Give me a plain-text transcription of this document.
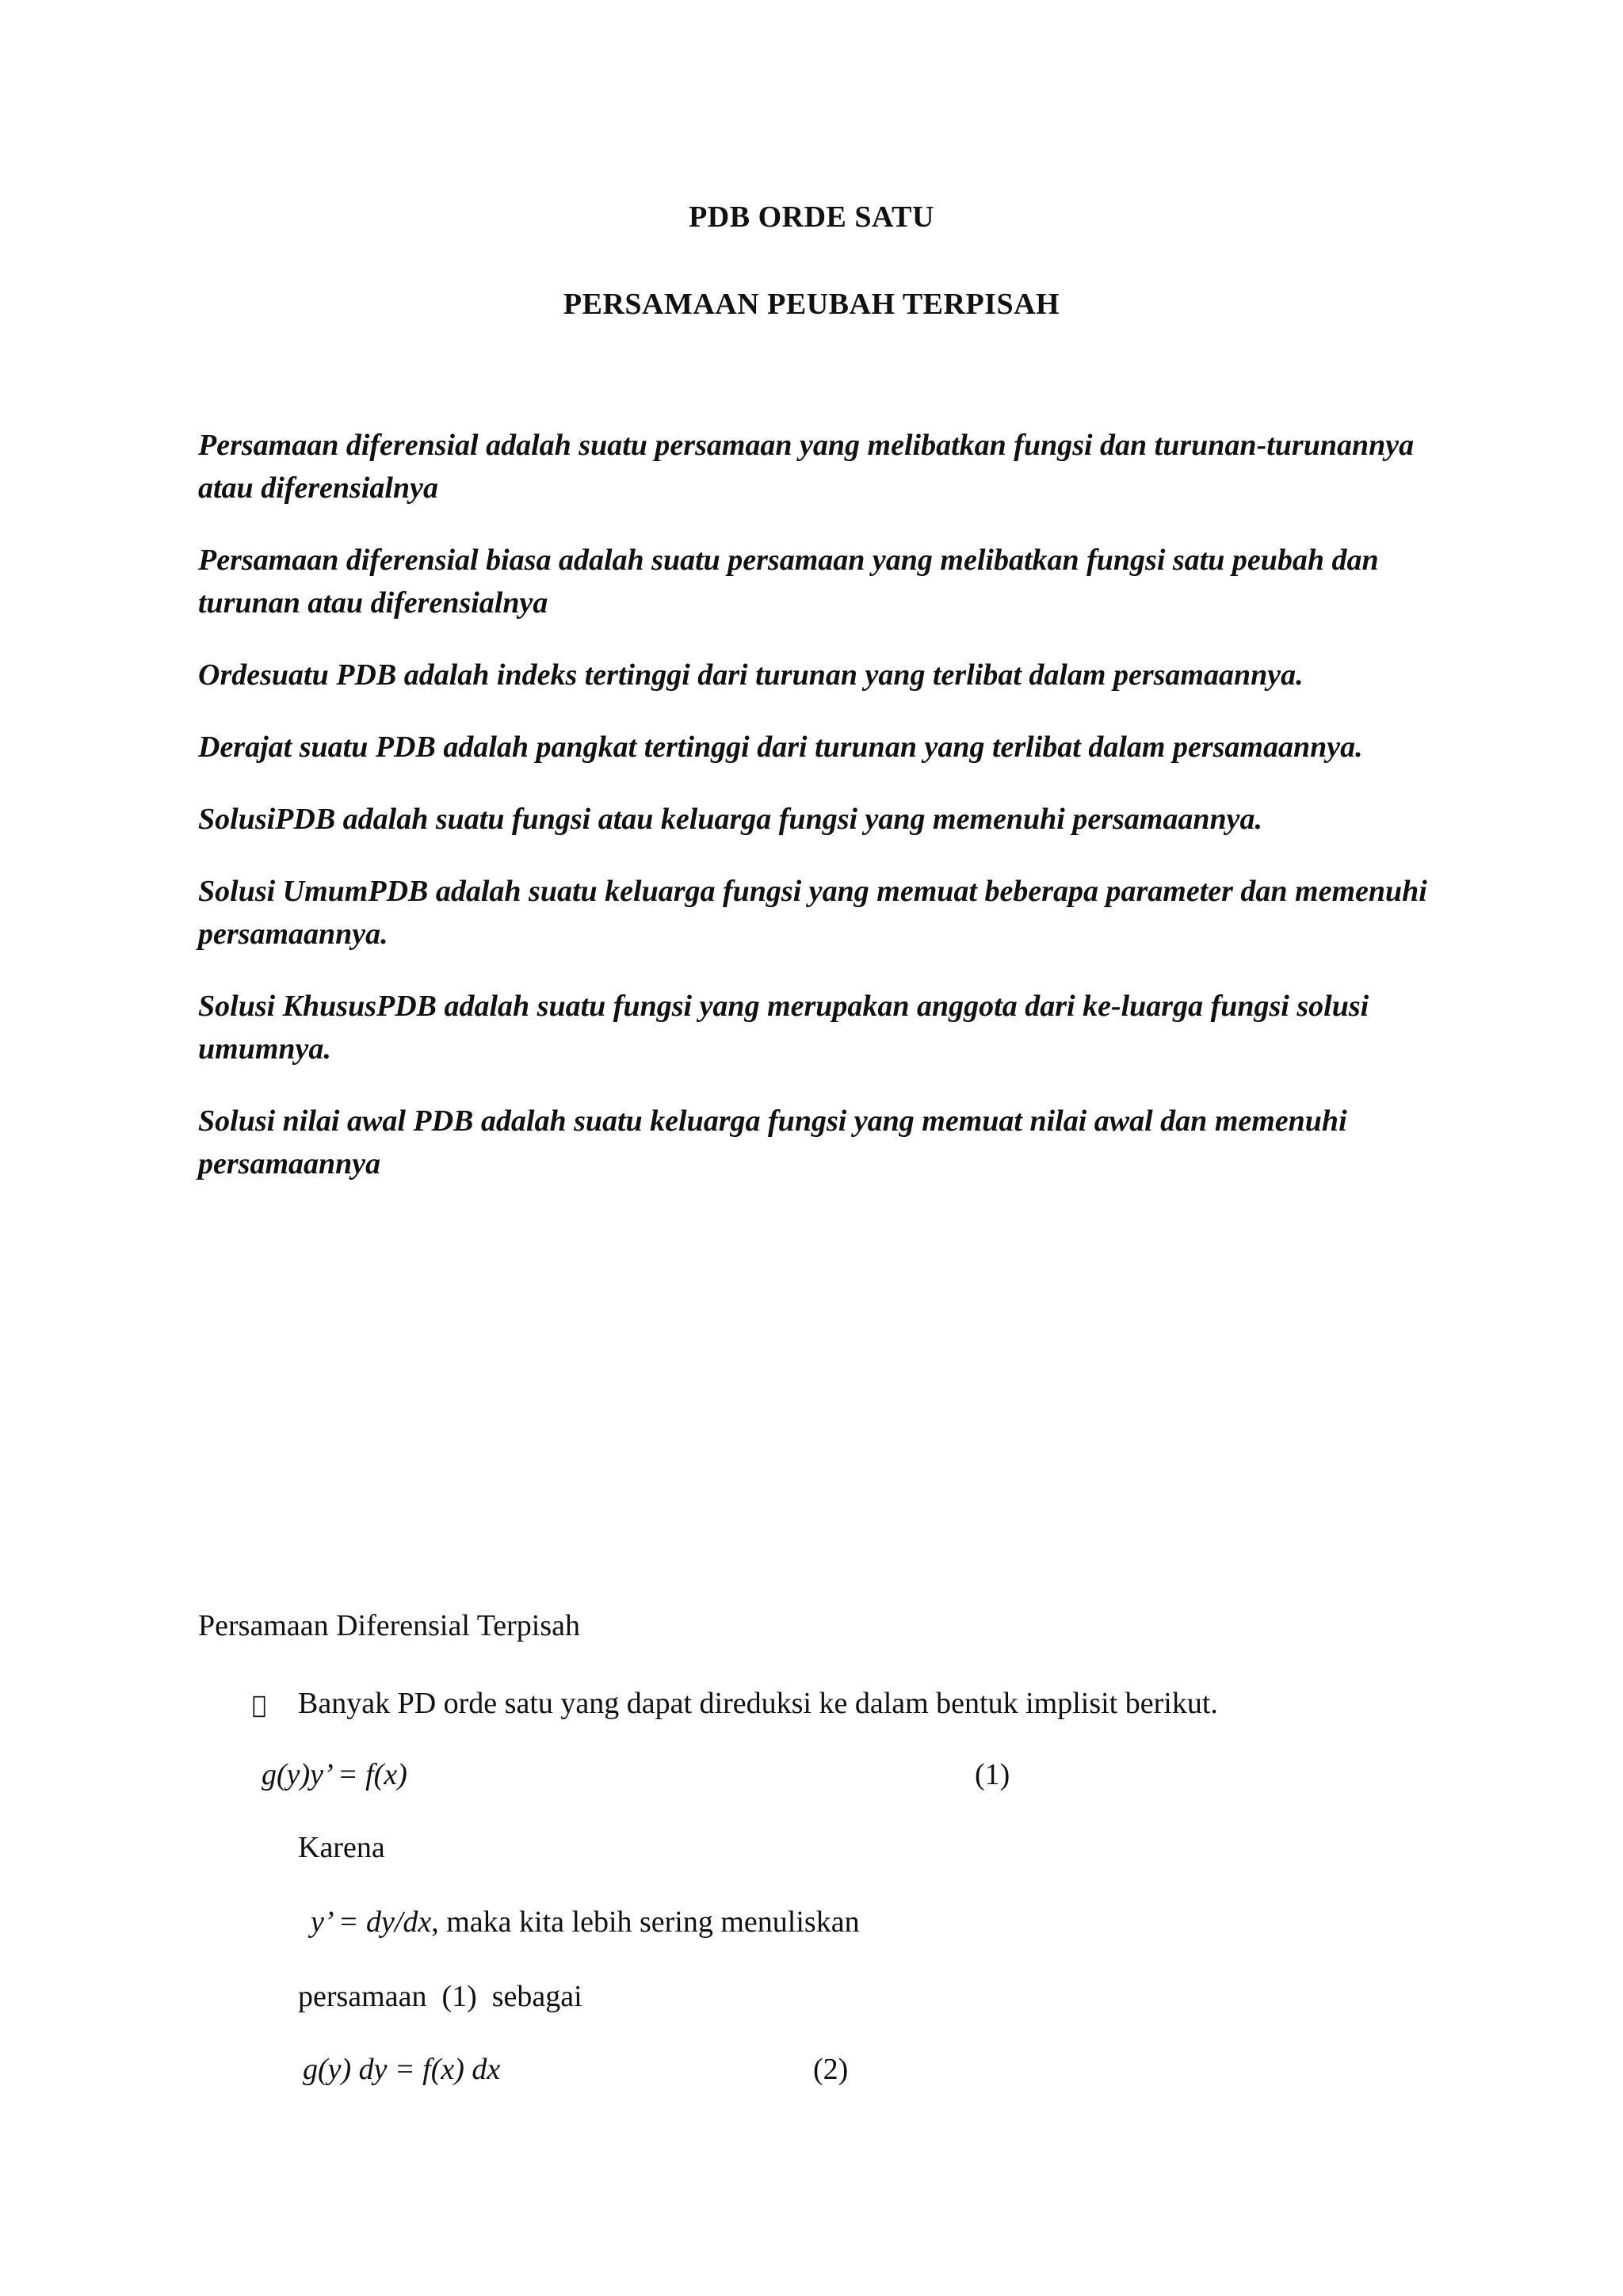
PDB ORDE SATU
PERSAMAAN PEUBAH TERPISAH

Persamaan diferensial adalah suatu persamaan yang melibatkan fungsi dan turunan-turunannya atau diferensialnya

Persamaan diferensial biasa adalah suatu persamaan yang melibatkan fungsi satu peubah dan turunan atau diferensialnya

Ordesuatu PDB adalah indeks tertinggi dari turunan yang terlibat dalam persamaannya.

Derajat suatu PDB adalah pangkat tertinggi dari turunan yang terlibat dalam persamaannya.

SolusiPDB adalah suatu fungsi atau keluarga fungsi yang memenuhi persamaannya.

Solusi UmumPDB adalah suatu keluarga fungsi yang memuat beberapa parameter dan memenuhi persamaannya.

Solusi KhususPDB adalah suatu fungsi yang merupakan anggota dari ke-luarga fungsi solusi umumnya.

Solusi nilai awal PDB adalah suatu keluarga fungsi yang memuat nilai awal dan memenuhi persamaannya

Persamaan Diferensial Terpisah

Banyak PD orde satu yang dapat direduksi ke dalam bentuk implisit berikut.
g(y)y’ = f(x)	(1)
Karena
y’ = dy/dx, maka kita lebih sering menuliskan
persamaan  (1)  sebagai
g(y) dy = f(x) dx	(2)
